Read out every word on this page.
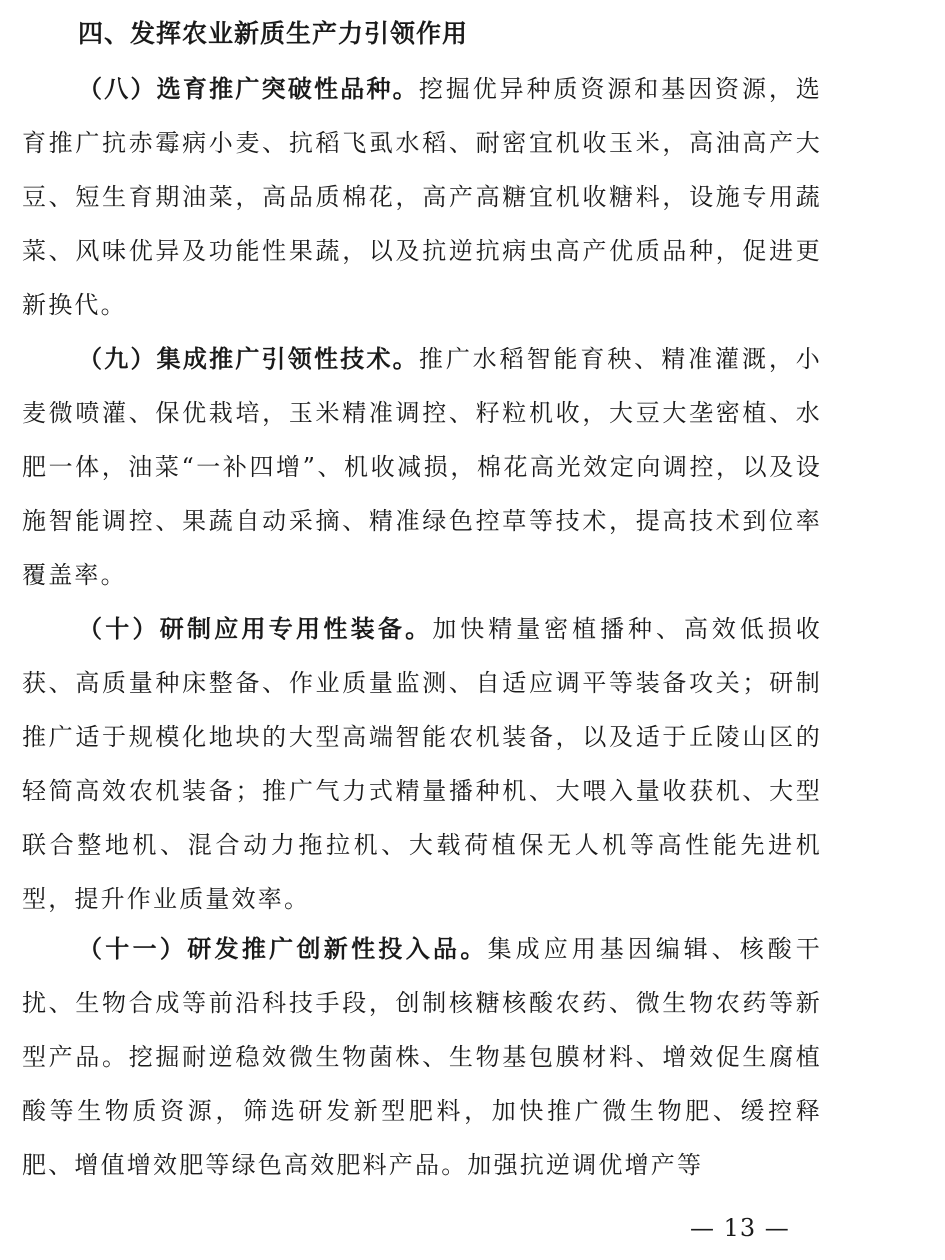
四、发挥农业新质生产力引领作用

（八）选育推广突破性品种。挖掘优异种质资源和基因资源，选育推广抗赤霉病小麦、抗稻飞虱水稻、耐密宜机收玉米，高油高产大豆、短生育期油菜，高品质棉花，高产高糖宜机收糖料，设施专用蔬菜、风味优异及功能性果蔬，以及抗逆抗病虫高产优质品种，促进更新换代。

（九）集成推广引领性技术。推广水稻智能育秧、精准灌溉，小麦微喷灌、保优栽培，玉米精准调控、籽粒机收，大豆大垄密植、水肥一体，油菜“一补四增”、机收减损，棉花高光效定向调控，以及设施智能调控、果蔬自动采摘、精准绿色控草等技术，提高技术到位率覆盖率。

（十）研制应用专用性装备。加快精量密植播种、高效低损收获、高质量种床整备、作业质量监测、自适应调平等装备攻关；研制推广适于规模化地块的大型高端智能农机装备，以及适于丘陵山区的轻简高效农机装备；推广气力式精量播种机、大喂入量收获机、大型联合整地机、混合动力拖拉机、大载荷植保无人机等高性能先进机型，提升作业质量效率。

（十一）研发推广创新性投入品。集成应用基因编辑、核酸干扰、生物合成等前沿科技手段，创制核糖核酸农药、微生物农药等新型产品。挖掘耐逆稳效微生物菌株、生物基包膜材料、增效促生腐植酸等生物质资源，筛选研发新型肥料，加快推广微生物肥、缓控释肥、增值增效肥等绿色高效肥料产品。加强抗逆调优增产等

— 13 —
